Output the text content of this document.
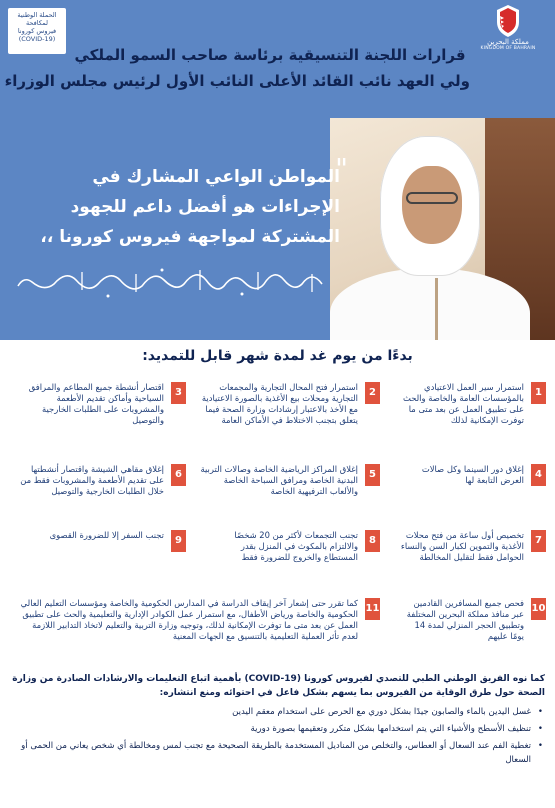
الحملة الوطنية
لمكافحة
فيروس كورونا
(COVID-19)	مملكة البحرين
KINGDOM OF BAHRAIN
قرارات اللجنة التنسيقية برئاسة صاحب السمو الملكي
ولي العهد نائب القائد الأعلى النائب الأول لرئيس مجلس الوزراء
"
المواطن الواعي المشارك في
الإجراءات هو أفضل داعم للجهود
المشتركة لمواجهة فيروس كورونا ،،
بدءًا من يوم غد لمدة شهر قابل للتمديد:
1
استمرار سير العمل الاعتيادي بالمؤسسات العامة والخاصة والحث على تطبيق العمل عن بعد متى ما توفرت الإمكانية لذلك
2
استمرار فتح المحال التجارية والمجمعات التجارية ومحلات بيع الأغذية بالصورة الاعتيادية مع الأخذ بالاعتبار إرشادات وزارة الصحة فيما يتعلق بتجنب الاختلاط في الأماكن العامة
3
اقتصار أنشطة جميع المطاعم والمرافق السياحية وأماكن تقديم الأطعمة والمشروبات على الطلبات الخارجية والتوصيل
4
إغلاق دور السينما وكل صالات العرض التابعة لها
5
إغلاق المراكز الرياضية الخاصة وصالات التربية البدنية الخاصة ومرافق السباحة الخاصة والألعاب الترفيهية الخاصة
6
إغلاق مقاهي الشيشة واقتصار أنشطتها على تقديم الأطعمة والمشروبات فقط من خلال الطلبات الخارجية والتوصيل
7
تخصيص أول ساعة من فتح محلات الأغذية والتموين لكبار السن والنساء الحوامل فقط لتقليل المخالطة
8
تجنب التجمعات لأكثر من 20 شخصًا والالتزام بالمكوث في المنزل بقدر المستطاع والخروج للضرورة فقط
9
تجنب السفر إلا للضرورة القصوى
10
فحص جميع المسافرين القادمين عبر منافذ مملكة البحرين المختلفة وتطبيق الحجر المنزلي لمدة 14 يومًا عليهم
11
كما تقرر حتى إشعار آخر إيقاف الدراسة في المدارس الحكومية والخاصة ومؤسسات التعليم العالي الحكومية والخاصة ورياض الأطفال، مع استمرار عمل الكوادر الإدارية والتعليمية والحث على تطبيق العمل عن بعد متى ما توفرت الإمكانية لذلك، وتوجيه وزارة التربية والتعليم لاتخاذ التدابير اللازمة لعدم تأثر العملية التعليمية بالتنسيق مع الجهات المعنية
كما نوه الفريق الوطني الطبي للتصدي لفيروس كورونا (COVID-19) بأهمية اتباع التعليمات والارشادات الصادرة من وزارة الصحة حول طرق الوقاية من الفيروس بما يسهم بشكل فاعل في احتوائه ومنع انتشاره:
• غسل اليدين بالماء والصابون جيدًا بشكل دوري مع الحرص على استخدام معقم اليدين
• تنظيف الأسطح والأشياء التي يتم استخدامها بشكل متكرر وتعقيمها بصورة دورية
• تغطية الفم عند السعال أو العطاس، والتخلص من المناديل المستخدمة بالطريقة الصحيحة مع تجنب لمس ومخالطة أي شخص يعاني من الحمى أو السعال
